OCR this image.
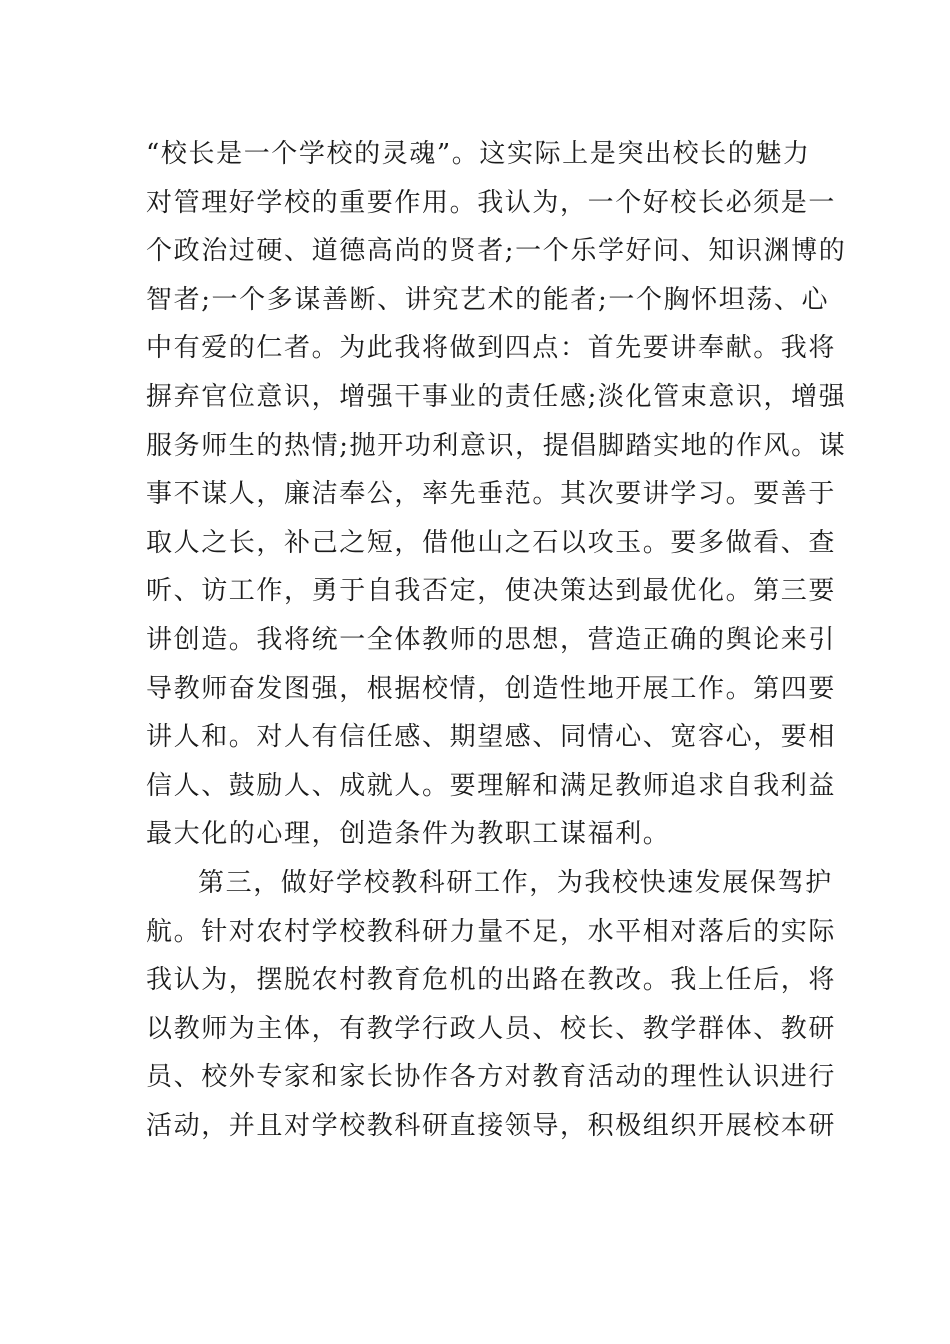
“校长是一个学校的灵魂”。这实际上是突出校长的魅力
对管理好学校的重要作用。我认为，一个好校长必须是一
个政治过硬、道德高尚的贤者;一个乐学好问、知识渊博的
智者;一个多谋善断、讲究艺术的能者;一个胸怀坦荡、心
中有爱的仁者。为此我将做到四点：首先要讲奉献。我将
摒弃官位意识，增强干事业的责任感;淡化管束意识，增强
服务师生的热情;抛开功利意识，提倡脚踏实地的作风。谋
事不谋人，廉洁奉公，率先垂范。其次要讲学习。要善于
取人之长，补己之短，借他山之石以攻玉。要多做看、查
听、访工作，勇于自我否定，使决策达到最优化。第三要
讲创造。我将统一全体教师的思想，营造正确的舆论来引
导教师奋发图强，根据校情，创造性地开展工作。第四要
讲人和。对人有信任感、期望感、同情心、宽容心，要相
信人、鼓励人、成就人。要理解和满足教师追求自我利益
最大化的心理，创造条件为教职工谋福利。
第三，做好学校教科研工作，为我校快速发展保驾护
航。针对农村学校教科研力量不足，水平相对落后的实际
我认为，摆脱农村教育危机的出路在教改。我上任后，将
以教师为主体，有教学行政人员、校长、教学群体、教研
员、校外专家和家长协作各方对教育活动的理性认识进行
活动，并且对学校教科研直接领导，积极组织开展校本研
